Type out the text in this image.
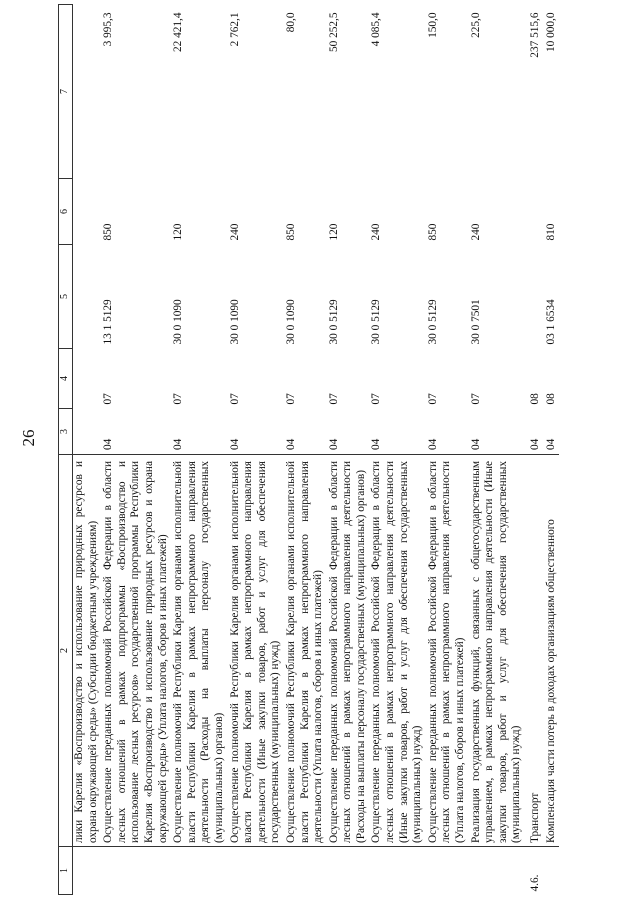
26
1	2	3	4	5	6	7
	лики Карелия «Воспроизводство и использование природных ресурсов и охрана окружающей среды» (Субсидии бюджетным учреждениям)					
	Осуществление переданных полномочий Российской Федерации в области лесных отношений в рамках подпрограммы «Воспроизводство и использование лесных ресурсов» государственной программы Республики Карелия «Воспроизводство и использование природных ресурсов и охрана окружающей среды» (Уплата налогов, сборов и иных платежей)	04	07	13 1 5129	850	3 995,3
	Осуществление полномочий Республики Карелия органами исполнительной власти Республики Карелия в рамках непрограммного направления деятельности (Расходы на выплаты персоналу государственных (муниципальных) органов)	04	07	30 0 1090	120	22 421,4
	Осуществление полномочий Республики Карелия органами исполнительной власти Республики Карелия в рамках непрограммного направления деятельности (Иные закупки товаров, работ и услуг для обеспечения государственных (муниципальных) нужд)	04	07	30 0 1090	240	2 762,1
	Осуществление полномочий Республики Карелия органами исполнительной власти Республики Карелия в рамках непрограммного направления деятельности (Уплата налогов, сборов и иных платежей)	04	07	30 0 1090	850	80,0
	Осуществление переданных полномочий Российской Федерации в области лесных отношений в рамках непрограммного направления деятельности (Расходы на выплаты персоналу государственных (муниципальных) органов)	04	07	30 0 5129	120	50 252,5
	Осуществление переданных полномочий Российской Федерации в области лесных отношений в рамках непрограммного направления деятельности (Иные закупки товаров, работ и услуг для обеспечения государственных (муниципальных) нужд)	04	07	30 0 5129	240	4 085,4
	Осуществление переданных полномочий Российской Федерации в области лесных отношений в рамках непрограммного направления деятельности (Уплата налогов, сборов и иных платежей)	04	07	30 0 5129	850	150,0
	Реализация государственных функций, связанных с общегосударственным управлением, в рамках непрограммного направления деятельности (Иные закупки товаров, работ и услуг для обеспечения государственных (муниципальных) нужд)	04	07	30 0 7501	240	225,0
4.6.	Транспорт	04	08			237 515,6
	Компенсация части потерь в доходах организациям общественного	04	08	03 1 6534	810	10 000,0
